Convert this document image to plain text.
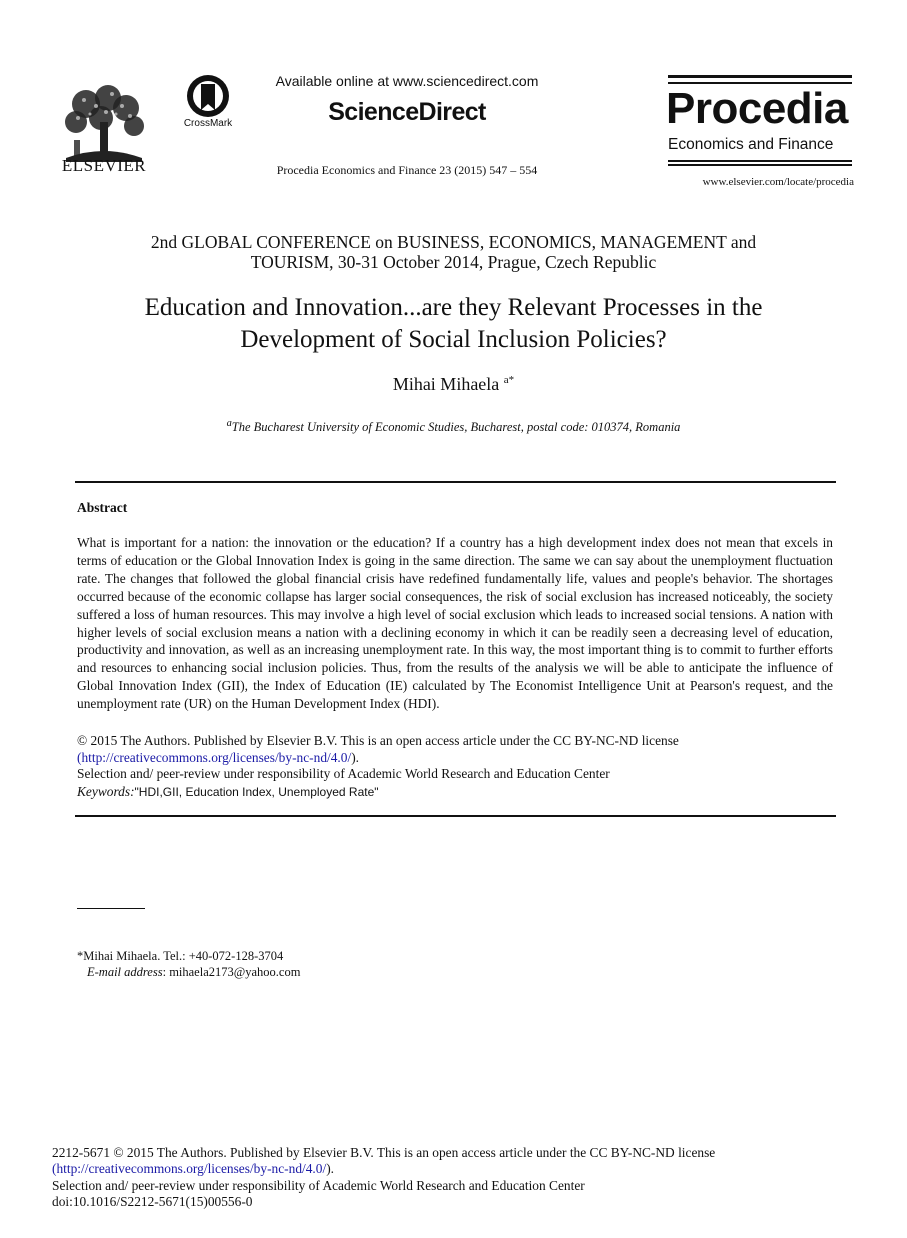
ELSEVIER
CrossMark
Available online at www.sciencedirect.com
ScienceDirect
Procedia Economics and Finance 23 (2015) 547 – 554
Procedia
Economics and Finance
www.elsevier.com/locate/procedia
2nd GLOBAL CONFERENCE on BUSINESS, ECONOMICS, MANAGEMENT and
TOURISM, 30-31 October 2014, Prague, Czech Republic
Education and Innovation...are they Relevant Processes in the
Development of Social Inclusion Policies?
Mihai Mihaela $^{a*}$
$^a$The Bucharest University of Economic Studies, Bucharest, postal code: 010374, Romania
Abstract
What is important for a nation: the innovation or the education? If a country has a high development index does not mean that excels in terms of education or the Global Innovation Index is going in the same direction. The same we can say about the unemployment fluctuation rate. The changes that followed the global financial crisis have redefined fundamentally life, values and people's behavior. The shortages occurred because of the economic collapse has larger social consequences, the risk of social exclusion has increased noticeably, the society suffered a loss of human resources. This may involve a high level of social exclusion which leads to increased social tensions. A nation with higher levels of social exclusion means a nation with a declining economy in which it can be readily seen a decreasing level of education, productivity and innovation, as well as an increasing unemployment rate. In this way, the most important thing is to commit to further efforts and resources to enhancing social inclusion policies. Thus, from the results of the analysis we will be able to anticipate the influence of Global Innovation Index (GII), the Index of Education (IE) calculated by The Economist Intelligence Unit at Pearson's request, and the unemployment rate (UR) on the Human Development Index (HDI).
© 2015 The Authors. Published by Elsevier B.V. This is an open access article under the CC BY-NC-ND license
(http://creativecommons.org/licenses/by-nc-nd/4.0/).
Selection and/ peer-review under responsibility of Academic World Research and Education Center
Keywords:"HDI,GII, Education Index, Unemployed Rate"
*Mihai Mihaela. Tel.: +40-072-128-3704
E-mail address: mihaela2173@yahoo.com
2212-5671 © 2015 The Authors. Published by Elsevier B.V. This is an open access article under the CC BY-NC-ND license
(http://creativecommons.org/licenses/by-nc-nd/4.0/).
Selection and/ peer-review under responsibility of Academic World Research and Education Center
doi:10.1016/S2212-5671(15)00556-0
